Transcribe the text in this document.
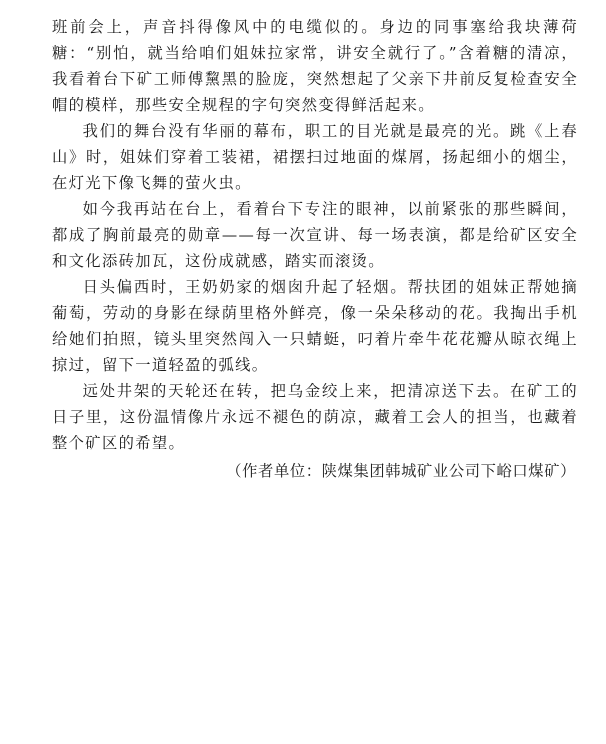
班前会上，声音抖得像风中的电缆似的。身边的同事塞给我块薄荷糖：“别怕，就当给咱们姐妹拉家常，讲安全就行了。”含着糖的清凉，我看着台下矿工师傅黧黑的脸庞，突然想起了父亲下井前反复检查安全帽的模样，那些安全规程的字句突然变得鲜活起来。

我们的舞台没有华丽的幕布，职工的目光就是最亮的光。跳《上春山》时，姐妹们穿着工装裙，裙摆扫过地面的煤屑，扬起细小的烟尘，在灯光下像飞舞的萤火虫。

如今我再站在台上，看着台下专注的眼神，以前紧张的那些瞬间，都成了胸前最亮的勋章——每一次宣讲、每一场表演，都是给矿区安全和文化添砖加瓦，这份成就感，踏实而滚烫。

日头偏西时，王奶奶家的烟囱升起了轻烟。帮扶团的姐妹正帮她摘葡萄，劳动的身影在绿荫里格外鲜亮，像一朵朵移动的花。我掏出手机给她们拍照，镜头里突然闯入一只蜻蜓，叼着片牵牛花花瓣从晾衣绳上掠过，留下一道轻盈的弧线。

远处井架的天轮还在转，把乌金绞上来，把清凉送下去。在矿工的日子里，这份温情像片永远不褪色的荫凉，藏着工会人的担当，也藏着整个矿区的希望。

（作者单位：陕煤集团韩城矿业公司下峪口煤矿）
